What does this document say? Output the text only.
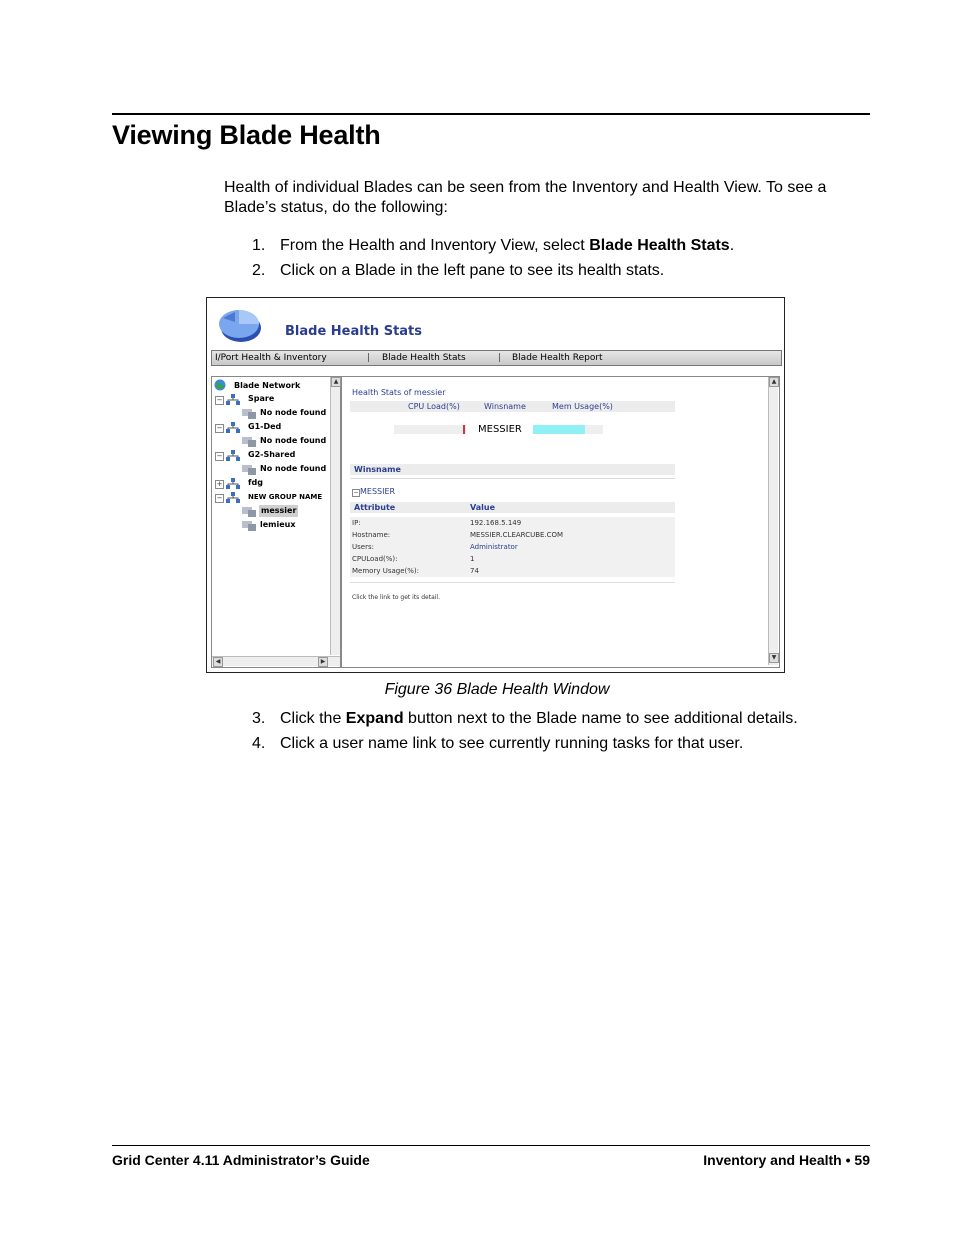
Viewing Blade Health

Health of individual Blades can be seen from the Inventory and Health View. To see a Blade’s status, do the following:

1. From the Health and Inventory View, select Blade Health Stats.
2. Click on a Blade in the left pane to see its health stats.
Blade Health Stats
I/Port Health & Inventory	| Blade Health Stats	| Blade Health Report
Blade Network
−	Spare
No node found
−	G1-Ded
No node found
−	G2-Shared
No node found
+	fdg
−	NEW GROUP NAME
messier
lemieux
▲
◀	▶
Health Stats of messier
CPU Load(%)	Winsname	Mem Usage(%)
MESSIER
Winsname
−MESSIER
Attribute	Value
IP:	192.168.5.149
Hostname:	MESSIER.CLEARCUBE.COM
Users:	Administrator
CPULoad(%):	1
Memory Usage(%):	74
Click the link to get its detail.
▲
▼
Figure 36 Blade Health Window
3. Click the Expand button next to the Blade name to see additional details.
4. Click a user name link to see currently running tasks for that user.
Grid Center 4.11 Administrator’s Guide	Inventory and Health • 59
